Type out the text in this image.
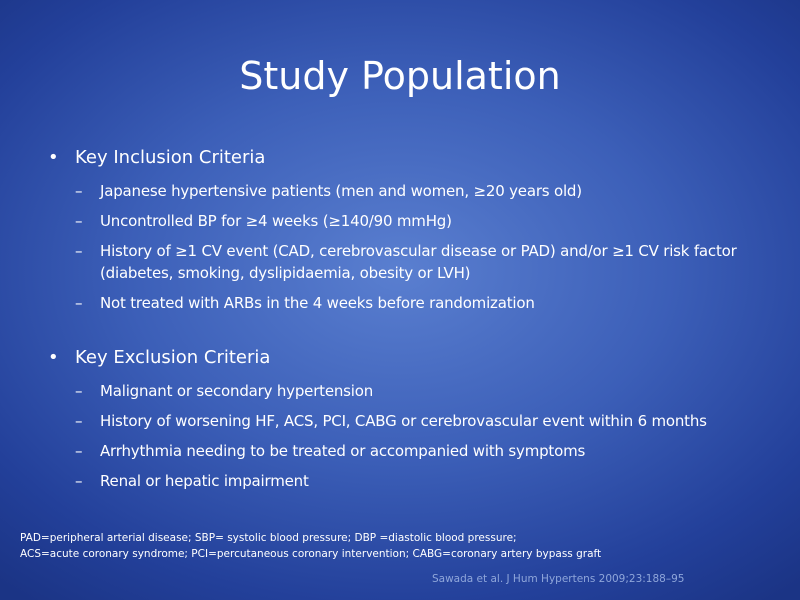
Study Population
• Key Inclusion Criteria
– Japanese hypertensive patients (men and women, ≥20 years old)
– Uncontrolled BP for ≥4 weeks (≥140/90 mmHg)
– History of ≥1 CV event (CAD, cerebrovascular disease or PAD) and/or ≥1 CV risk factor (diabetes, smoking, dyslipidaemia, obesity or LVH)
– Not treated with ARBs in the 4 weeks before randomization
• Key Exclusion Criteria
– Malignant or secondary hypertension
– History of worsening HF, ACS, PCI, CABG or cerebrovascular event within 6 months
– Arrhythmia needing to be treated or accompanied with symptoms
– Renal or hepatic impairment
PAD=peripheral arterial disease; SBP= systolic blood pressure; DBP =diastolic blood pressure;
ACS=acute coronary syndrome; PCI=percutaneous coronary intervention; CABG=coronary artery bypass graft
Sawada et al. J Hum Hypertens 2009;23:188–95
